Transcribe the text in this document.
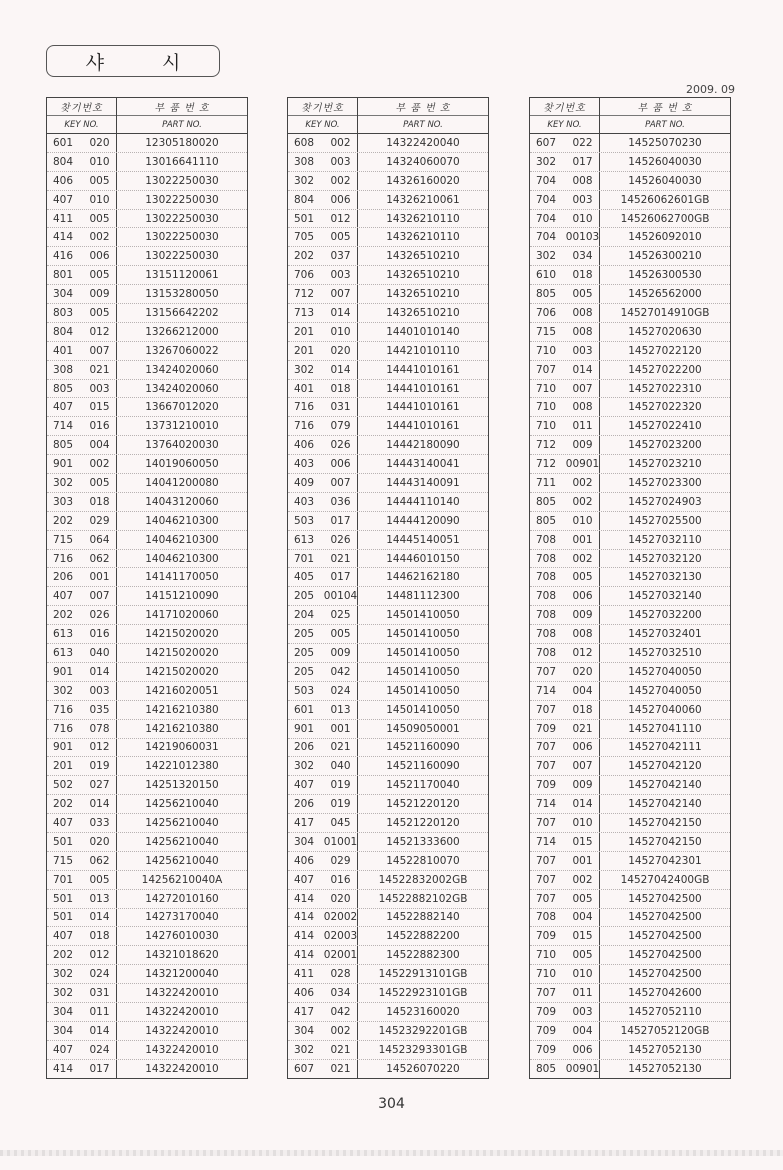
샤 시
2009. 09
찾기번호
KEY NO.
부 품 번 호
PART NO.
601	020	12305180020
804	010	13016641110
406	005	13022250030
407	010	13022250030
411	005	13022250030
414	002	13022250030
416	006	13022250030
801	005	13151120061
304	009	13153280050
803	005	13156642202
804	012	13266212000
401	007	13267060022
308	021	13424020060
805	003	13424020060
407	015	13667012020
714	016	13731210010
805	004	13764020030
901	002	14019060050
302	005	14041200080
303	018	14043120060
202	029	14046210300
715	064	14046210300
716	062	14046210300
206	001	14141170050
407	007	14151210090
202	026	14171020060
613	016	14215020020
613	040	14215020020
901	014	14215020020
302	003	14216020051
716	035	14216210380
716	078	14216210380
901	012	14219060031
201	019	14221012380
502	027	14251320150
202	014	14256210040
407	033	14256210040
501	020	14256210040
715	062	14256210040
701	005	14256210040A
501	013	14272010160
501	014	14273170040
407	018	14276010030
202	012	14321018620
302	024	14321200040
302	031	14322420010
304	011	14322420010
304	014	14322420010
407	024	14322420010
414	017	14322420010
찾기번호
KEY NO.
부 품 번 호
PART NO.
608	002	14322420040
308	003	14324060070
302	002	14326160020
804	006	14326210061
501	012	14326210110
705	005	14326210110
202	037	14326510210
706	003	14326510210
712	007	14326510210
713	014	14326510210
201	010	14401010140
201	020	14421010110
302	014	14441010161
401	018	14441010161
716	031	14441010161
716	079	14441010161
406	026	14442180090
403	006	14443140041
409	007	14443140091
403	036	14444110140
503	017	14444120090
613	026	14445140051
701	021	14446010150
405	017	14462162180
205 00104	14481112300
204	025	14501410050
205	005	14501410050
205	009	14501410050
205	042	14501410050
503	024	14501410050
601	013	14501410050
901	001	14509050001
206	021	14521160090
302	040	14521160090
407	019	14521170040
206	019	14521220120
417	045	14521220120
304 01001	14521333600
406	029	14522810070
407	016	14522832002GB
414	020	14522882102GB
414 02002	14522882140
414 02003	14522882200
414 02001	14522882300
411	028	14522913101GB
406	034	14522923101GB
417	042	14523160020
304	002	14523292201GB
302	021	14523293301GB
607	021	14526070220
찾기번호
KEY NO.
부 품 번 호
PART NO.
607	022	14525070230
302	017	14526040030
704	008	14526040030
704	003	14526062601GB
704	010	14526062700GB
704 00103	14526092010
302	034	14526300210
610	018	14526300530
805	005	14526562000
706	008	14527014910GB
715	008	14527020630
710	003	14527022120
707	014	14527022200
710	007	14527022310
710	008	14527022320
710	011	14527022410
712	009	14527023200
712 00901	14527023210
711	002	14527023300
805	002	14527024903
805	010	14527025500
708	001	14527032110
708	002	14527032120
708	005	14527032130
708	006	14527032140
708	009	14527032200
708	008	14527032401
708	012	14527032510
707	020	14527040050
714	004	14527040050
707	018	14527040060
709	021	14527041110
707	006	14527042111
707	007	14527042120
709	009	14527042140
714	014	14527042140
707	010	14527042150
714	015	14527042150
707	001	14527042301
707	002	14527042400GB
707	005	14527042500
708	004	14527042500
709	015	14527042500
710	005	14527042500
710	010	14527042500
707	011	14527042600
709	003	14527052110
709	004	14527052120GB
709	006	14527052130
805 00901	14527052130
304
